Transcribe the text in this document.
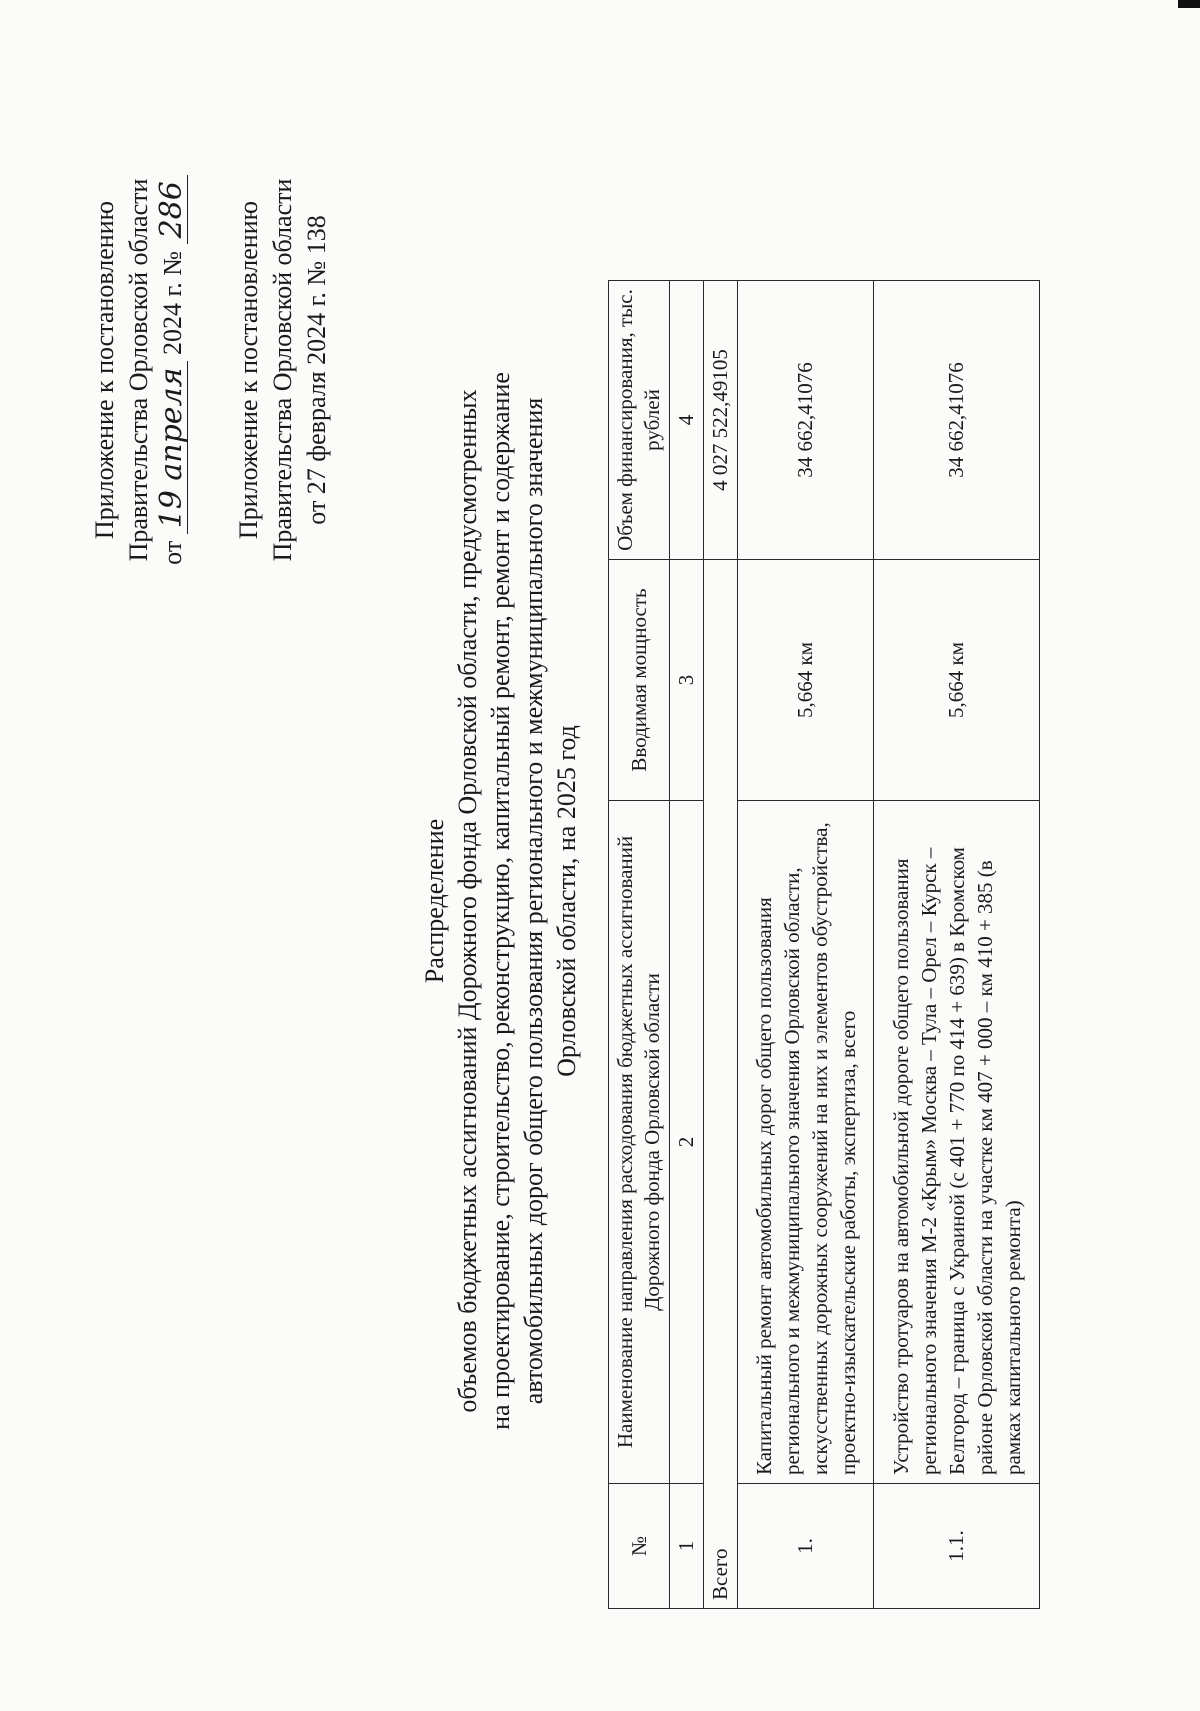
Приложение к постановлению Правительства Орловской области от 19 апреля 2024 г. № 286 Приложение к постановлению Правительства Орловской области от 27 февраля 2024 г. № 138
Распределение объемов бюджетных ассигнований Дорожного фонда Орловской области, предусмотренных на проектирование, строительство, реконструкцию, капитальный ремонт, ремонт и содержание автомобильных дорог общего пользования регионального и межмуниципального значения Орловской области, на 2025 год
№	Наименование направления расходования бюджетных ассигнований Дорожного фонда Орловской области	Вводимая мощность	Объем финансирования, тыс. рублей
1	2	3	4
Всего			4 027 522,49105
1.	Капитальный ремонт автомобильных дорог общего пользования регионального и межмуниципального значения Орловской области, искусственных дорожных сооружений на них и элементов обустройства, проектно-изыскательские работы, экспертиза, всего	5,664 км	34 662,41076
1.1.	Устройство тротуаров на автомобильной дороге общего пользования регионального значения М-2 «Крым» Москва – Тула – Орел – Курск – Белгород – граница с Украиной (с 401 + 770 по 414 + 639) в Кромском районе Орловской области на участке км 407 + 000 – км 410 + 385 (в рамках капитального ремонта)	5,664 км	34 662,41076
